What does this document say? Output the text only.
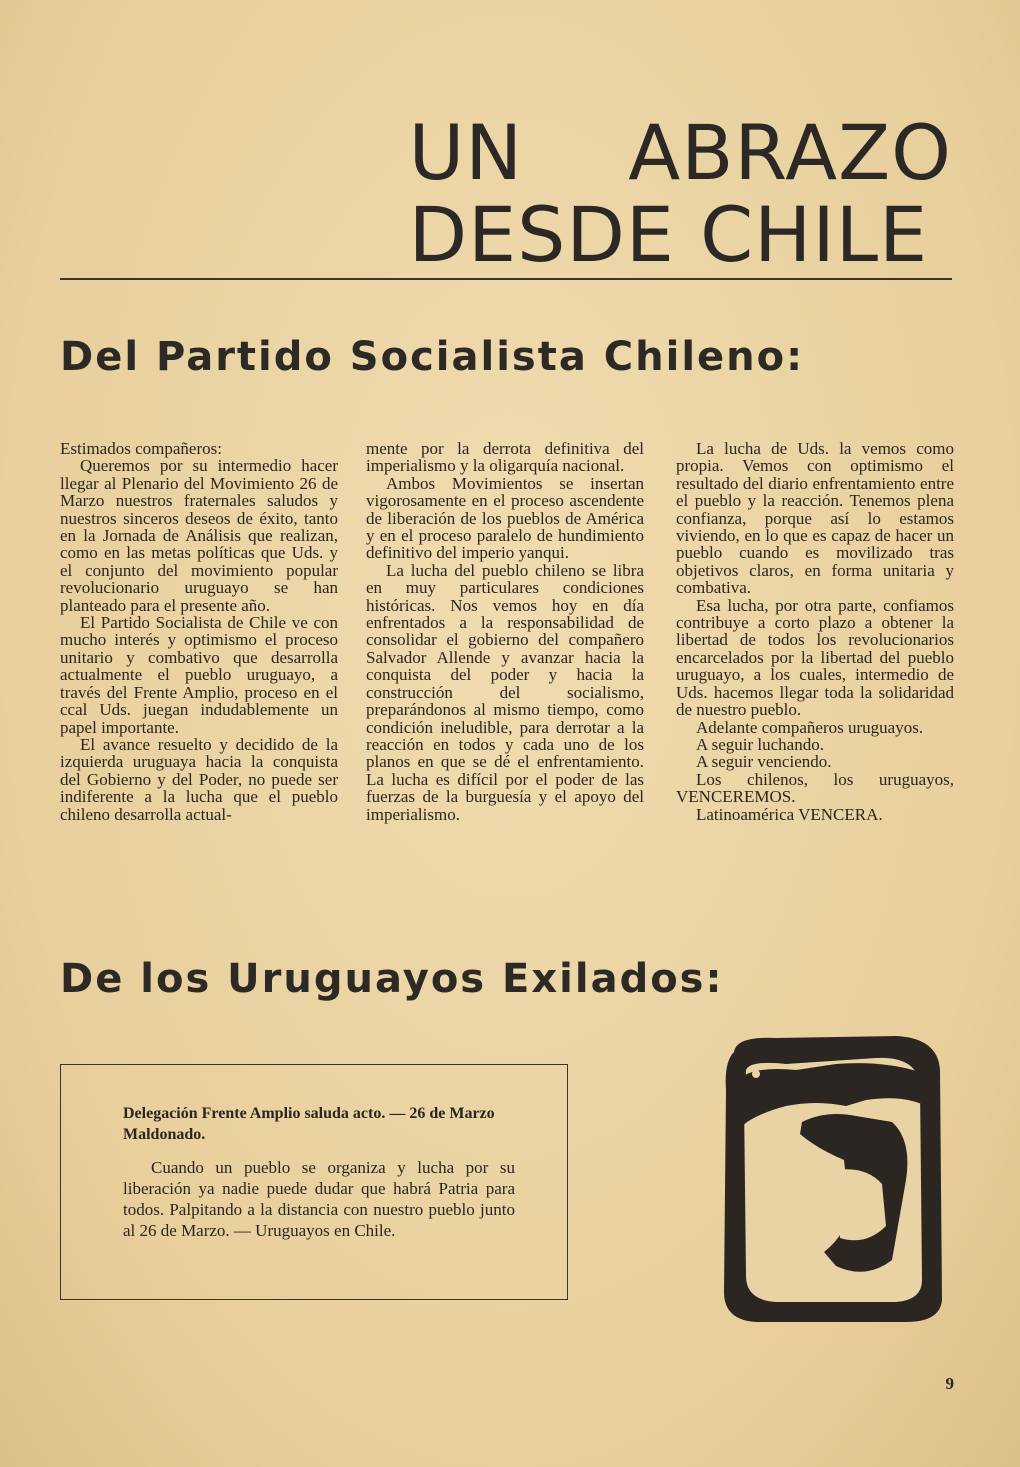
UN ABRAZO
DESDE CHILE
Del Partido Socialista Chileno:

Estimados compañeros:

Queremos por su intermedio hacer llegar al Plenario del Movimiento 26 de Marzo nuestros fraternales saludos y nuestros sinceros deseos de éxito, tanto en la Jornada de Análisis que realizan, como en las metas políticas que Uds. y el conjunto del movimiento popular revolucionario uruguayo se han planteado para el presente año.

El Partido Socialista de Chile ve con mucho interés y optimismo el proceso unitario y combativo que desarrolla actualmente el pueblo uruguayo, a través del Frente Amplio, proceso en el ccal Uds. juegan indudablemente un papel importante.

El avance resuelto y decidido de la izquierda uruguaya hacia la conquista del Gobierno y del Poder, no puede ser indiferente a la lucha que el pueblo chileno desarrolla actual-

mente por la derrota definitiva del imperialismo y la oligarquía nacional.

Ambos Movimientos se insertan vigorosamente en el proceso ascendente de liberación de los pueblos de América y en el proceso paralelo de hundimiento definitivo del imperio yanqui.

La lucha del pueblo chileno se libra en muy particulares condiciones históricas. Nos vemos hoy en día enfrentados a la responsabilidad de consolidar el gobierno del compañero Salvador Allende y avanzar hacia la conquista del poder y hacia la construcción del socialismo, preparándonos al mismo tiempo, como condición ineludible, para derrotar a la reacción en todos y cada uno de los planos en que se dé el enfrentamiento. La lucha es difícil por el poder de las fuerzas de la burguesía y el apoyo del imperialismo.

La lucha de Uds. la vemos como propia. Vemos con optimismo el resultado del diario enfrentamiento entre el pueblo y la reacción. Tenemos plena confianza, porque así lo estamos viviendo, en lo que es capaz de hacer un pueblo cuando es movilizado tras objetivos claros, en forma unitaria y combativa.

Esa lucha, por otra parte, confiamos contribuye a corto plazo a obtener la libertad de todos los revolucionarios encarcelados por la libertad del pueblo uruguayo, a los cuales, intermedio de Uds. hacemos llegar toda la solidaridad de nuestro pueblo.

Adelante compañeros uruguayos.

A seguir luchando.

A seguir venciendo.

Los chilenos, los uruguayos, VENCEREMOS.

Latinoamérica VENCERA.

De los Uruguayos Exilados:
Delegación Frente Amplio saluda acto. — 26 de Marzo Maldonado.

Cuando un pueblo se organiza y lucha por su liberación ya nadie puede dudar que habrá Patria para todos. Palpitando a la distancia con nuestro pueblo junto al 26 de Marzo. — Uruguayos en Chile.

9
